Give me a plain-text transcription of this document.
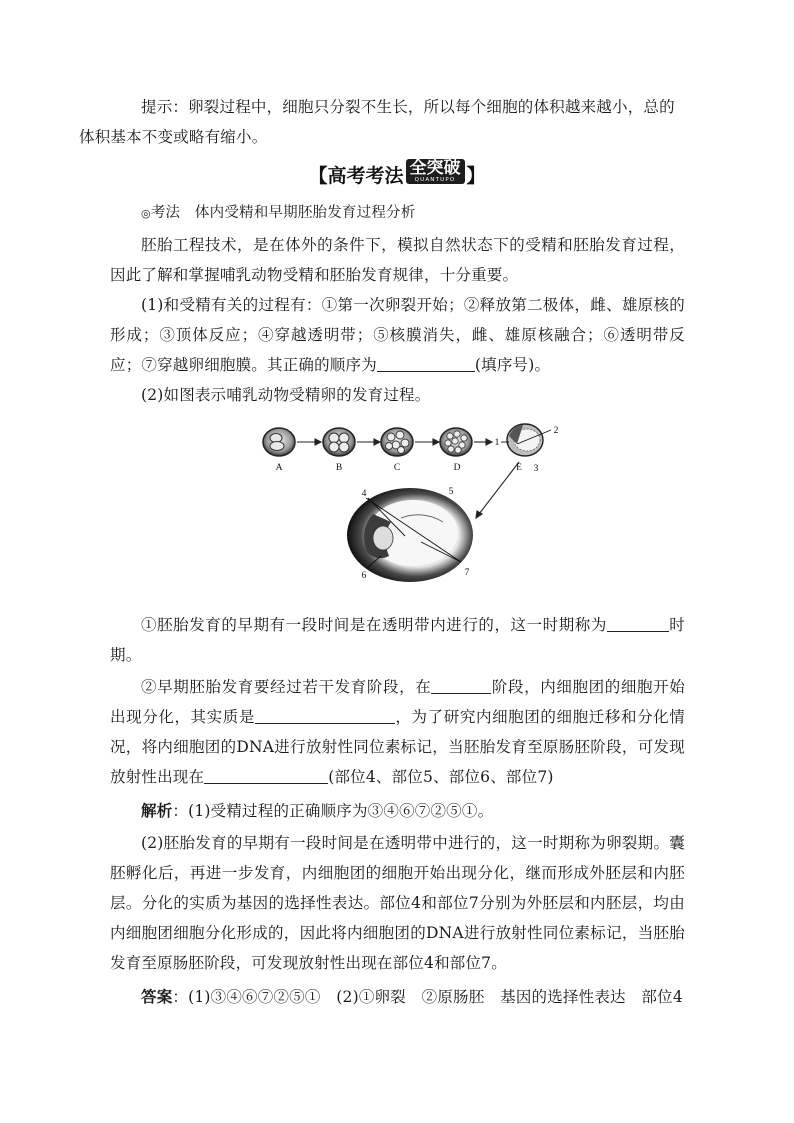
提示：卵裂过程中，细胞只分裂不生长，所以每个细胞的体积越来越小，总的
体积基本不变或略有缩小。

【高考考法 全突破
QUANTUPO 】

◎考法　 体内受精和早期胚胎发育过程分析

胚胎工程技术，是在体外的条件下，模拟自然状态下的受精和胚胎发育过程，因此了解和掌握哺乳动物受精和胚胎发育规律，十分重要。

(1)和受精有关的过程有：①第一次卵裂开始；②释放第二极体，雌、雄原核的形成；③顶体反应；④穿越透明带；⑤核膜消失，雌、雄原核融合；⑥透明带反应；⑦穿越卵细胞膜。其正确的顺序为	(填序号)。

(2)如图表示哺乳动物受精卵的发育过程。

A	B	C	D	E
1
2
3
4	5
6	7

①胚胎发育的早期有一段时间是在透明带内进行的，这一时期称为	时期。

②早期胚胎发育要经过若干发育阶段，在	阶段，内细胞团的细胞开始出现分化，其实质是	，为了研究内细胞团的细胞迁移和分化情况，将内细胞团的DNA进行放射性同位素标记，当胚胎发育至原肠胚阶段，可发现放射性出现在	(部位4、部位5、部位6、部位7)

解析：(1)受精过程的正确顺序为③④⑥⑦②⑤①。

(2)胚胎发育的早期有一段时间是在透明带中进行的，这一时期称为卵裂期。囊胚孵化后，再进一步发育，内细胞团的细胞开始出现分化，继而形成外胚层和内胚层。分化的实质为基因的选择性表达。部位4和部位7分别为外胚层和内胚层，均由内细胞团细胞分化形成的，因此将内细胞团的DNA进行放射性同位素标记，当胚胎发育至原肠胚阶段，可发现放射性出现在部位4和部位7。

答案：(1)③④⑥⑦②⑤①　(2)①卵裂　②原肠胚　基因的选择性表达　部位4
